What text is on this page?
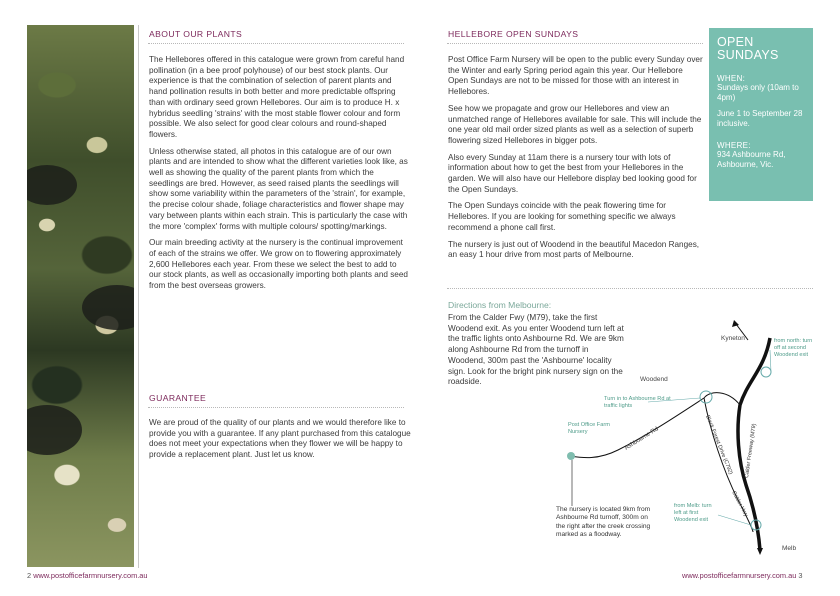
ABOUT OUR PLANTS

The Hellebores offered in this catalogue were grown from careful hand pollination (in a bee proof polyhouse) of our best stock plants. Our experience is that the combination of selection of parent plants and hand pollination results in both better and more predictable offspring than with ordinary seed grown Hellebores. Our aim is to produce H. x hybridus seedling 'strains' with the most stable flower colour and form possible. We also select for good clear colours and round-shaped flowers.

Unless otherwise stated, all photos in this catalogue are of our own plants and are intended to show what the different varieties look like, as well as showing the quality of the parent plants from which the seedlings are bred. However, as seed raised plants the seedlings will show some variability within the parameters of the 'strain', for example, the precise colour shade, foliage characteristics and flower shape may vary between plants within each strain. This is particularly the case with the more 'complex' forms with multiple colours/ spotting/markings.

Our main breeding activity at the nursery is the continual improvement of each of the strains we offer. We grow on to flowering approximately 2,600 Hellebores each year. From these we select the best to add to our stock plants, as well as occasionally importing both plants and seed from the best overseas growers.

GUARANTEE

We are proud of the quality of our plants and we would therefore like to provide you with a guarantee. If any plant purchased from this catalogue does not meet your expectations when they flower we will be happy to provide a replacement plant. Just let us know.

2 www.postofficefarmnursery.com.au
HELLEBORE OPEN SUNDAYS

Post Office Farm Nursery will be open to the public every Sunday over the Winter and early Spring period again this year. Our Hellebore Open Sundays are not to be missed for those with an interest in Hellebores.

See how we propagate and grow our Hellebores and view an unmatched range of Hellebores available for sale. This will include the one year old mail order sized plants as well as a selection of superb flowering sized Hellebores in bigger pots.

Also every Sunday at 11am there is a nursery tour with lots of information about how to get the best from your Hellebores in the garden. We will also have our Hellebore display bed looking good for the Open Sundays.

The Open Sundays coincide with the peak flowering time for Hellebores. If you are looking for something specific we always recommend a phone call first.

The nursery is just out of Woodend in the beautiful Macedon Ranges, an easy 1 hour drive from most parts of Melbourne.

OPEN
SUNDAYS
WHEN:
Sundays only (10am to 4pm)
June 1 to September 28 inclusive.
WHERE:
934 Ashbourne Rd, Ashbourne, Vic.
Directions from Melbourne:
From the Calder Fwy (M79), take the first Woodend exit. As you enter Woodend turn left at the traffic lights onto Ashbourne Rd. We are 9km along Ashbourne Rd from the turnoff in Woodend, 300m past the 'Ashbourne' locality sign. Look for the bright pink nursery sign on the roadside.
Ashbourne Rd	Black Forest Drive (C792) Calder Freeway (M79)
Calder Hwy
Kyneton
Woodend
Melb
from north: turn off at second Woodend exit
Turn in to Ashbourne Rd at traffic lights
Post Office Farm Nursery
from Melb: turn left at first Woodend exit
The nursery is located 9km from Ashbourne Rd turnoff, 300m on the right after the creek crossing marked as a floodway.
www.postofficefarmnursery.com.au 3
